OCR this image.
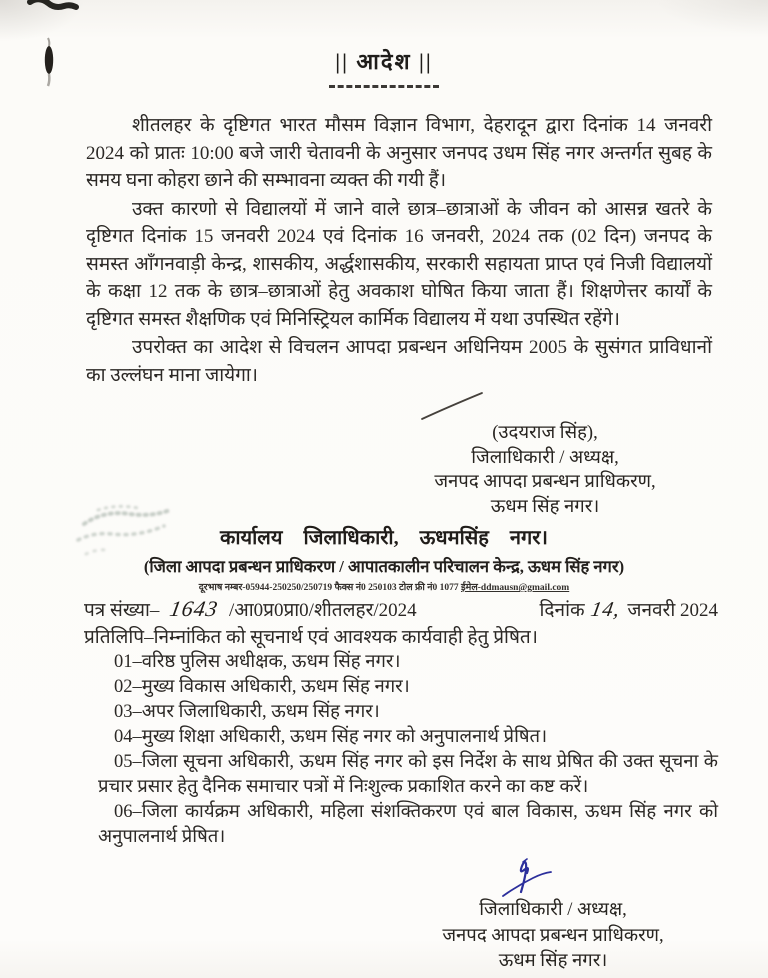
|| आदेश ||

शीतलहर के दृष्टिगत भारत मौसम विज्ञान विभाग, देहरादून द्वारा दिनांक 14 जनवरी 2024 को प्रातः 10:00 बजे जारी चेतावनी के अनुसार जनपद उधम सिंह नगर अन्तर्गत सुबह के समय घना कोहरा छाने की सम्भावना व्यक्त की गयी हैं।

उक्त कारणो से विद्यालयों में जाने वाले छात्र–छात्राओं के जीवन को आसन्न खतरे के दृष्टिगत दिनांक 15 जनवरी 2024 एवं दिनांक 16 जनवरी, 2024 तक (02 दिन) जनपद के समस्त आँगनवाड़ी केन्द्र, शासकीय, अर्द्धशासकीय, सरकारी सहायता प्राप्त एवं निजी विद्यालयों के कक्षा 12 तक के छात्र–छात्राओं हेतु अवकाश घोषित किया जाता हैं। शिक्षणेत्तर कार्यों के दृष्टिगत समस्त शैक्षणिक एवं मिनिस्ट्रियल कार्मिक विद्यालय में यथा उपस्थित रहेंगे।

उपरोक्त का आदेश से विचलन आपदा प्रबन्धन अधिनियम 2005 के सुसंगत प्राविधानों का उल्लंघन माना जायेगा।

(उदयराज सिंह),
जिलाधिकारी / अध्यक्ष,
जनपद आपदा प्रबन्धन प्राधिकरण,
ऊधम सिंह नगर।
कार्यालय जिलाधिकारी, ऊधमसिंह नगर।
(जिला आपदा प्रबन्धन प्राधिकरण / आपातकालीन परिचालन केन्द्र, ऊधम सिंह नगर)
दूरभाष नम्बर-05944-250250/250719 फैक्स नं0 250103 टोल फ्री नं0 1077 ईमेल-ddmausn@gmail.com
पत्र संख्या– 1643 /आ0प्र0प्रा0/शीतलहर/2024	दिनांक 14, जनवरी 2024
प्रतिलिपि–निम्नांकित को सूचनार्थ एवं आवश्यक कार्यवाही हेतु प्रेषित।
01–वरिष्ठ पुलिस अधीक्षक, ऊधम सिंह नगर।
02–मुख्य विकास अधिकारी, ऊधम सिंह नगर।
03–अपर जिलाधिकारी, ऊधम सिंह नगर।
04–मुख्य शिक्षा अधिकारी, ऊधम सिंह नगर को अनुपालनार्थ प्रेषित।
05–जिला सूचना अधिकारी, ऊधम सिंह नगर को इस निर्देश के साथ प्रेषित की उक्त सूचना के प्रचार प्रसार हेतु दैनिक समाचार पत्रों में निःशुल्क प्रकाशित करने का कष्ट करें।
06–जिला कार्यक्रम अधिकारी, महिला संशक्तिकरण एवं बाल विकास, ऊधम सिंह नगर को अनुपालनार्थ प्रेषित।
जिलाधिकारी / अध्यक्ष,
जनपद आपदा प्रबन्धन प्राधिकरण,
ऊधम सिंह नगर।
